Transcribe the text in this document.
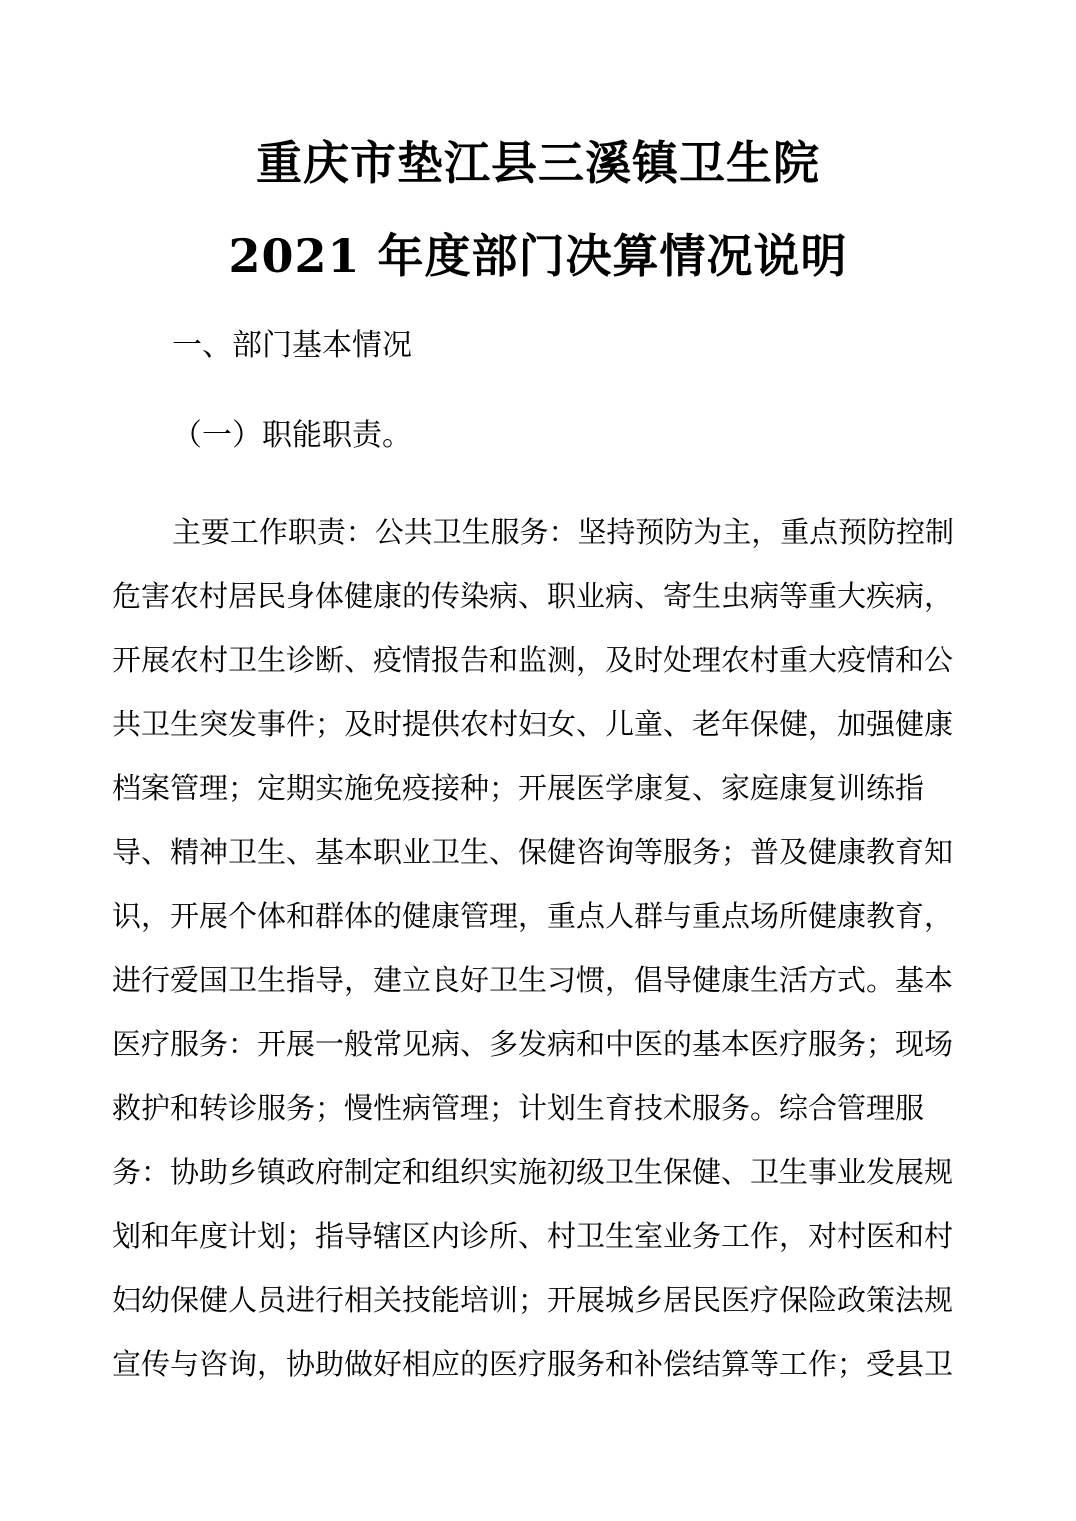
重庆市垫江县三溪镇卫生院
2021 年度部门决算情况说明
一、部门基本情况
（一）职能职责。
主要工作职责：公共卫生服务：坚持预防为主，重点预防控制
危害农村居民身体健康的传染病、职业病、寄生虫病等重大疾病，
开展农村卫生诊断、疫情报告和监测，及时处理农村重大疫情和公
共卫生突发事件；及时提供农村妇女、儿童、老年保健，加强健康
档案管理；定期实施免疫接种；开展医学康复、家庭康复训练指
导、精神卫生、基本职业卫生、保健咨询等服务；普及健康教育知
识，开展个体和群体的健康管理，重点人群与重点场所健康教育，
进行爱国卫生指导，建立良好卫生习惯，倡导健康生活方式。基本
医疗服务：开展一般常见病、多发病和中医的基本医疗服务；现场
救护和转诊服务；慢性病管理；计划生育技术服务。综合管理服
务：协助乡镇政府制定和组织实施初级卫生保健、卫生事业发展规
划和年度计划；指导辖区内诊所、村卫生室业务工作，对村医和村
妇幼保健人员进行相关技能培训；开展城乡居民医疗保险政策法规
宣传与咨询，协助做好相应的医疗服务和补偿结算等工作；受县卫
